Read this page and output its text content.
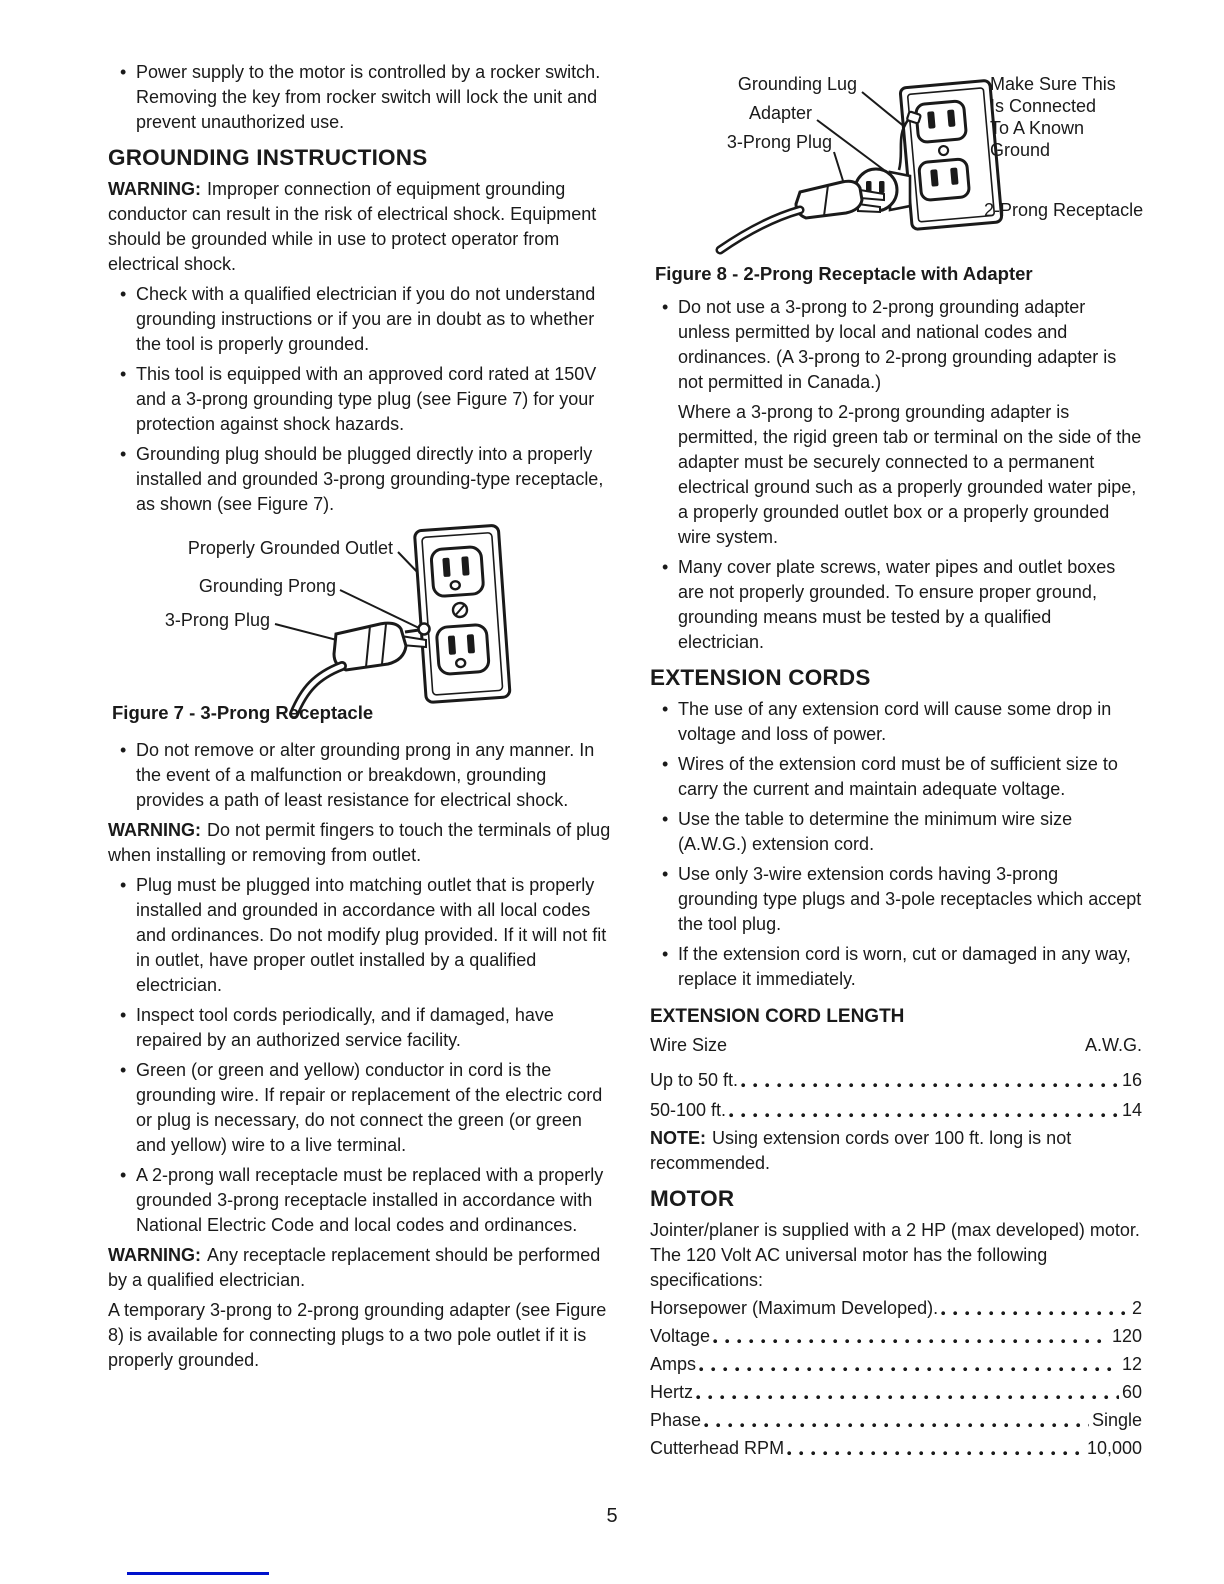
• Power supply to the motor is controlled by a rocker switch. Removing the key from rocker switch will lock the unit and prevent unauthorized use.
GROUNDING INSTRUCTIONS

WARNING: Improper connection of equipment grounding conductor can result in the risk of electrical shock. Equipment should be grounded while in use to protect operator from electrical shock.

• Check with a qualified electrician if you do not understand grounding instructions or if you are in doubt as to whether the tool is properly grounded.
• This tool is equipped with an approved cord rated at 150V and a 3-prong grounding type plug (see Figure 7) for your protection against shock hazards.
• Grounding plug should be plugged directly into a properly installed and grounded 3-prong grounding-type receptacle, as shown (see Figure 7).
Properly Grounded Outlet
Grounding Prong
3-Prong Plug
Figure 7 - 3-Prong Receptacle
• Do not remove or alter grounding prong in any manner. In the event of a malfunction or breakdown, grounding provides a path of least resistance for electrical shock.

WARNING: Do not permit fingers to touch the terminals of plug when installing or removing from outlet.

• Plug must be plugged into matching outlet that is properly installed and grounded in accordance with all local codes and ordinances. Do not modify plug provided. If it will not fit in outlet, have proper outlet installed by a qualified electrician.
• Inspect tool cords periodically, and if damaged, have repaired by an authorized service facility.
• Green (or green and yellow) conductor in cord is the grounding wire. If repair or replacement of the electric cord or plug is necessary, do not connect the green (or green and yellow) wire to a live terminal.
• A 2-prong wall receptacle must be replaced with a properly grounded 3-prong receptacle installed in accordance with National Electric Code and local codes and ordinances.

WARNING: Any receptacle replacement should be performed by a qualified electrician.

A temporary 3-prong to 2-prong grounding adapter (see Figure 8) is available for connecting plugs to a two pole outlet if it is properly grounded.

Grounding Lug
Adapter
3-Prong Plug
Make Sure This
Is Connected
To A Known
Ground
2-Prong Receptacle
Figure 8 - 2-Prong Receptacle with Adapter
• Do not use a 3-prong to 2-prong grounding adapter unless permitted by local and national codes and ordinances. (A 3-prong to 2-prong grounding adapter is not permitted in Canada.)

Where a 3-prong to 2-prong grounding adapter is permitted, the rigid green tab or terminal on the side of the adapter must be securely connected to a permanent electrical ground such as a properly grounded water pipe, a properly grounded outlet box or a properly grounded wire system.

• Many cover plate screws, water pipes and outlet boxes are not properly grounded. To ensure proper ground, grounding means must be tested by a qualified electrician.
EXTENSION CORDS
• The use of any extension cord will cause some drop in voltage and loss of power.
• Wires of the extension cord must be of sufficient size to carry the current and maintain adequate voltage.
• Use the table to determine the minimum wire size (A.W.G.) extension cord.
• Use only 3-wire extension cords having 3-prong grounding type plugs and 3-pole receptacles which accept the tool plug.
• If the extension cord is worn, cut or damaged in any way, replace it immediately.
EXTENSION CORD LENGTH
Wire Size	A.W.G.
Up to 50 ft.	16
50-100 ft.	14

NOTE: Using extension cords over 100 ft. long is not recommended.

MOTOR

Jointer/planer is supplied with a 2 HP (max developed) motor.

The 120 Volt AC universal motor has the following specifications:

Horsepower (Maximum Developed).	2
Voltage	120
Amps	12
Hertz	60
Phase	Single
Cutterhead RPM	10,000
5
